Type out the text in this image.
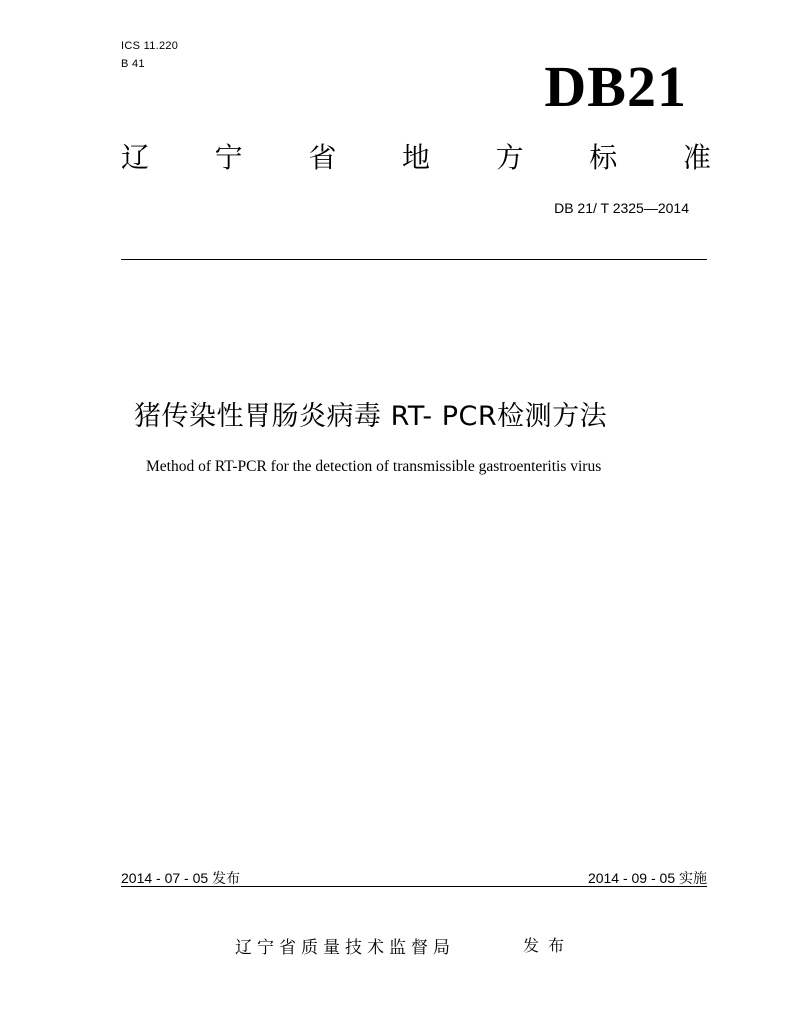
ICS 11.220
B 41	DB21
辽 宁 省 地 方 标 准
DB 21/ T 2325—2014
猪传染性胃肠炎病毒 RT- PCR检测方法
Method of RT-PCR for the detection of transmissible gastroenteritis virus
2014 - 07 - 05 发布	2014 - 09 - 05 实施
辽宁省质量技术监督局	发布
